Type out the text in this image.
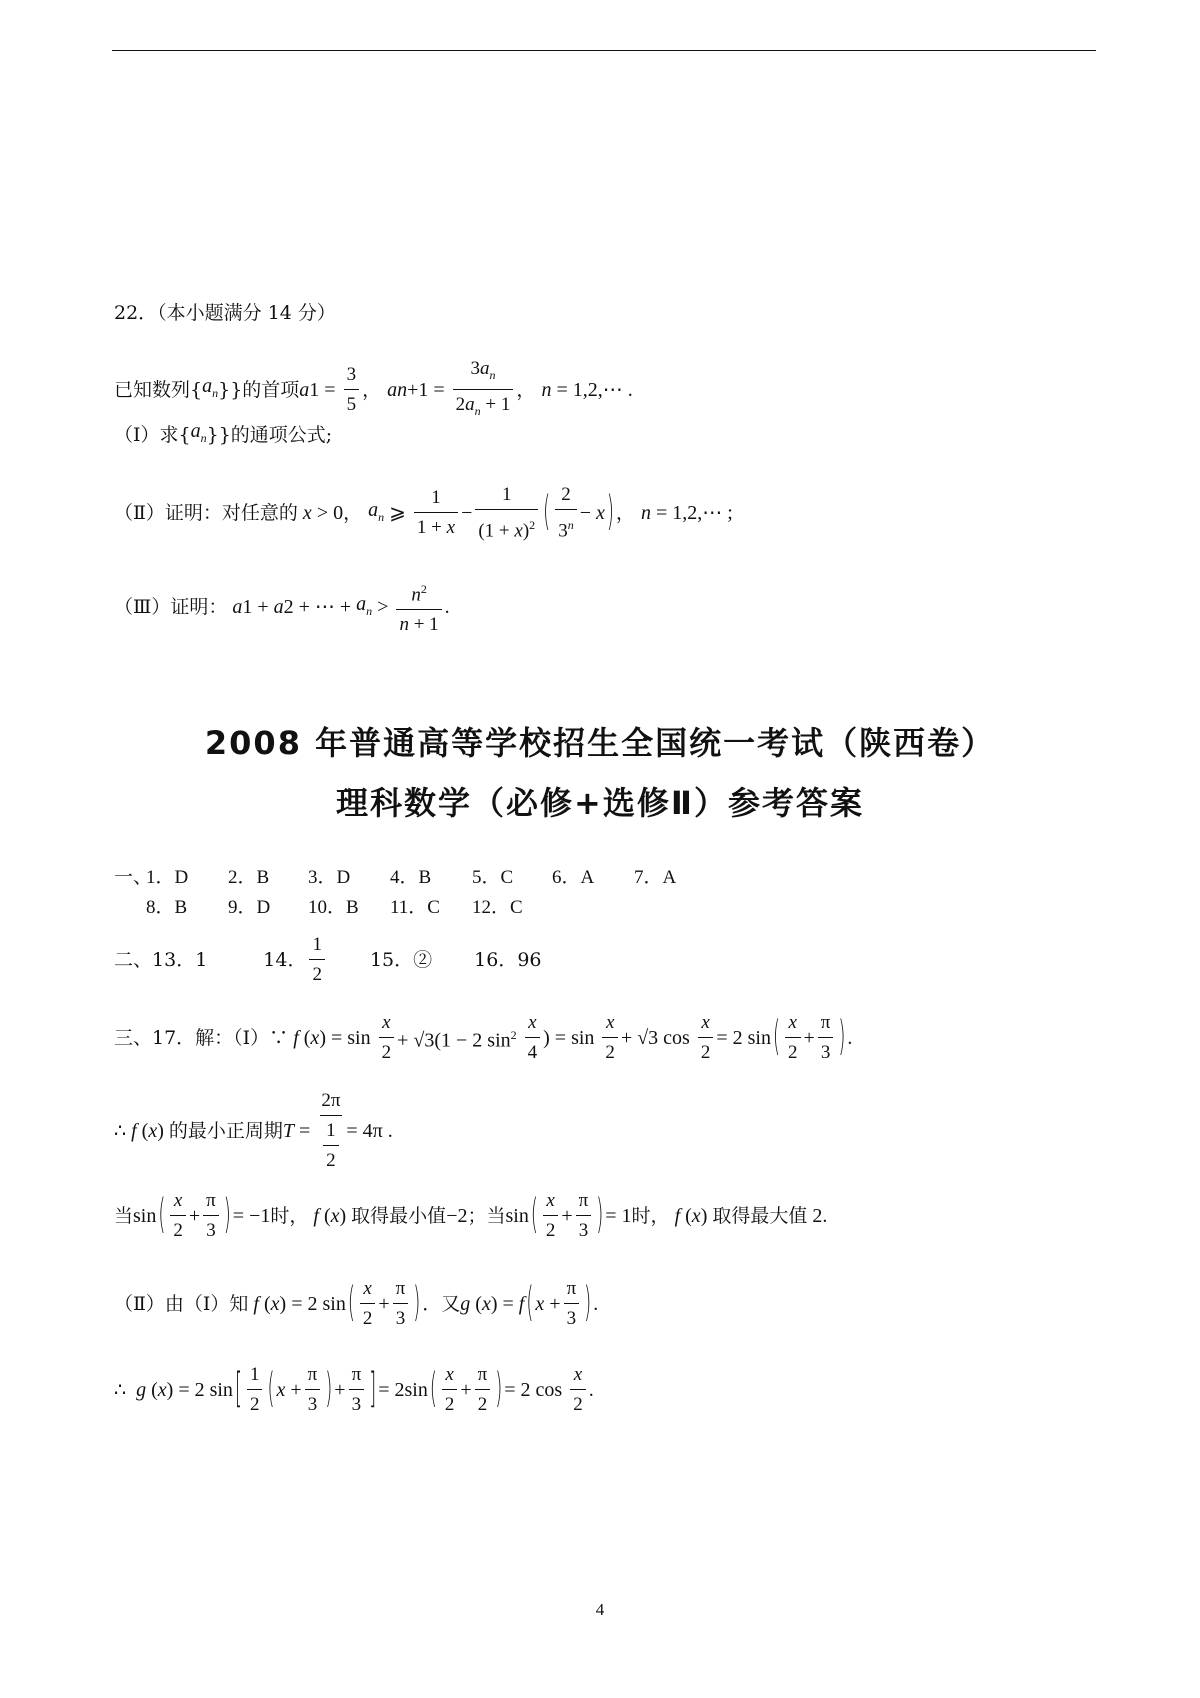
22．（本小题满分 14 分）
已知数列{ $a_n$ } }的首项 a $1 = \frac{3}{5}$ ， a $n +1 = \frac{3a_n}{2a_n + 1}$ ， n = 1,2,⋯ .
（Ⅰ）求{ $a_n$ } }的通项公式;
（Ⅱ）证明：对任意的 x > 0 ， $a_n$ ⩾ $\frac{1}{1 + x} - \frac{1}{(1 + x)^2}$ ( $\frac{2}{3^n} - x$ ) ， n = 1,2,⋯ ;
（Ⅲ）证明： a 1 + a 2 + ⋯ + $a_n > \frac{n^2}{n + 1}$ .
2008 年普通高等学校招生全国统一考试（陕西卷）
理科数学（必修+选修Ⅱ）参考答案
一、
1．D 2．B 3．D 4．B 5．C 6．A 7．A
8．B 9．D 10．B 11．C 12．C
二、 13．1	14． $\frac{1}{2} 15$．② 16．96
三、17．解：（Ⅰ）∵ f ( x ) = $\sin \frac{x}{2} + √3(1 - 2$ $\sin^2 \frac{x}{4}$ ) = $\sin \frac{x}{2} + √3$ $\cos \frac{x}{2} = 2$ sin ( $\frac{x}{2} + \frac{\pi}{3}$ ) .
∴ f ( x ) 的最小正周期 $T = \frac{2\pi}{\frac{1}{2}} = 4\pi$ .
当 sin ( $\frac{x}{2} + \frac{\pi}{3}$ ) = −1 时， f ( x ) 取得最小值 −2 ；当 sin ( $\frac{x}{2} + \frac{\pi}{3}$ ) = 1 时， f ( x ) 取得最大值 2.
（Ⅱ）由（Ⅰ）知 f ( x ) = 2 sin ( $\frac{x}{2} + \frac{\pi}{3}$ ) ．又 g ( x ) = f ( $x + \frac{\pi}{3}$ ) .
∴ g ( x ) = 2 sin [ $\frac{1}{2}$ ( $x + \frac{\pi}{3}$ ) + $\frac{\pi}{3}$ ] = 2sin ( $\frac{x}{2} + \frac{\pi}{2}$ ) = 2 $\cos \frac{x}{2}$ .
4
